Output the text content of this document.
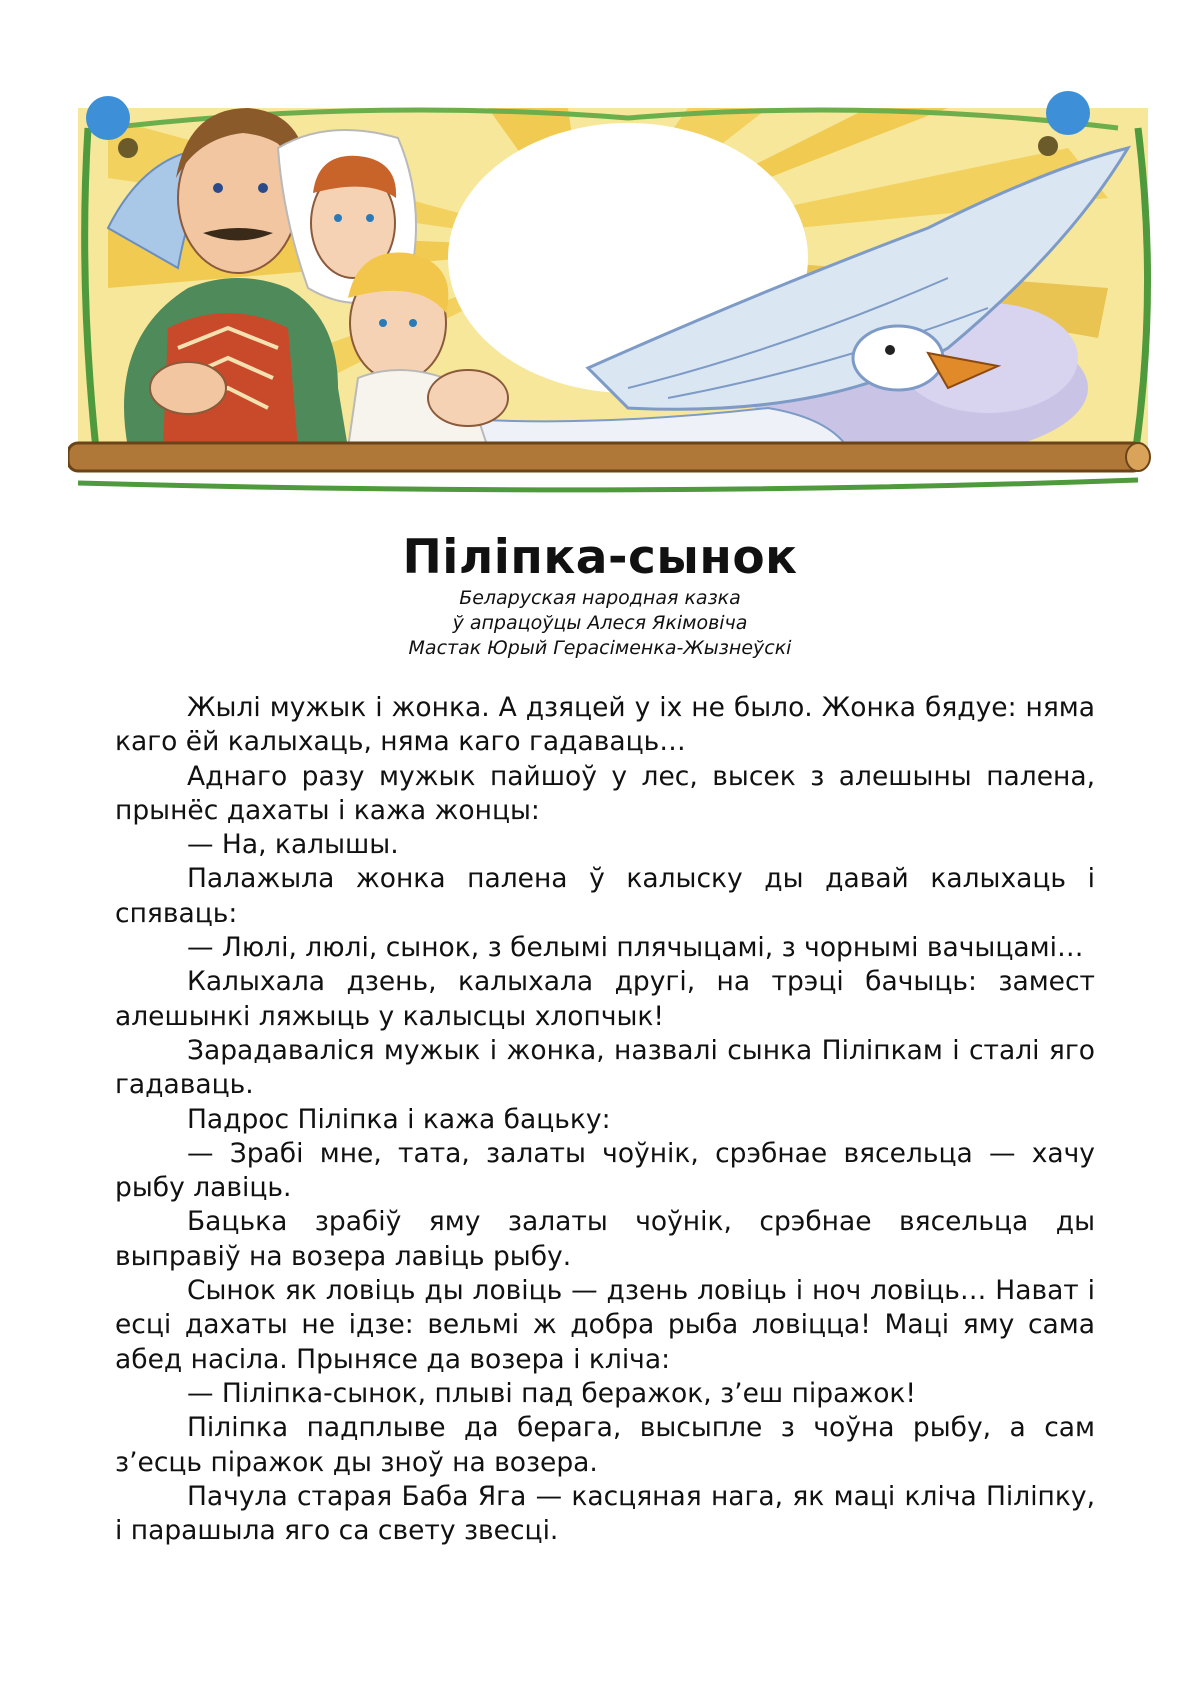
Піліпка-сынок
Беларуская народная казка
ў апрацоўцы Алеся Якімовіча
Мастак Юрый Герасіменка-Жызнеўскі

Жылі мужык і жонка. А дзяцей у іх не было. Жонка бядуе: няма каго ёй калыхаць, няма каго гадаваць…

Аднаго разу мужык пайшоў у лес, высек з алешыны палена, прынёс дахаты і кажа жонцы:

— На, калышы.

Палажыла жонка палена ў калыску ды давай калыхаць і спяваць:

— Люлі, люлі, сынок, з белымі плячыцамі, з чорнымі вачыцамі…

Калыхала дзень, калыхала другі, на трэці бачыць: замест алешынкі ляжыць у калысцы хлопчык!

Зарадаваліся мужык і жонка, назвалі сынка Піліпкам і сталі яго гадаваць.

Падрос Піліпка і кажа бацьку:

— Зрабі мне, тата, залаты чоўнік, срэбнае вясельца — хачу рыбу лавіць.

Бацька зрабіў яму залаты чоўнік, срэбнае вясельца ды выправіў на возера лавіць рыбу.

Сынок як ловіць ды ловіць — дзень ловіць і ноч ловіць… Нават і есці дахаты не ідзе: вельмі ж добра рыба ловіцца! Маці яму сама абед насіла. Прынясе да возера і кліча:

— Піліпка-сынок, плыві пад беражок, з’еш пiражок!

Піліпка падплыве да берага, высыпле з чоўна рыбу, а сам з’есць пiражок ды зноў на возера.

Пачула старая Баба Яга — касцяная нага, як маці кліча Піліпку, і парашыла яго са свету звесці.
